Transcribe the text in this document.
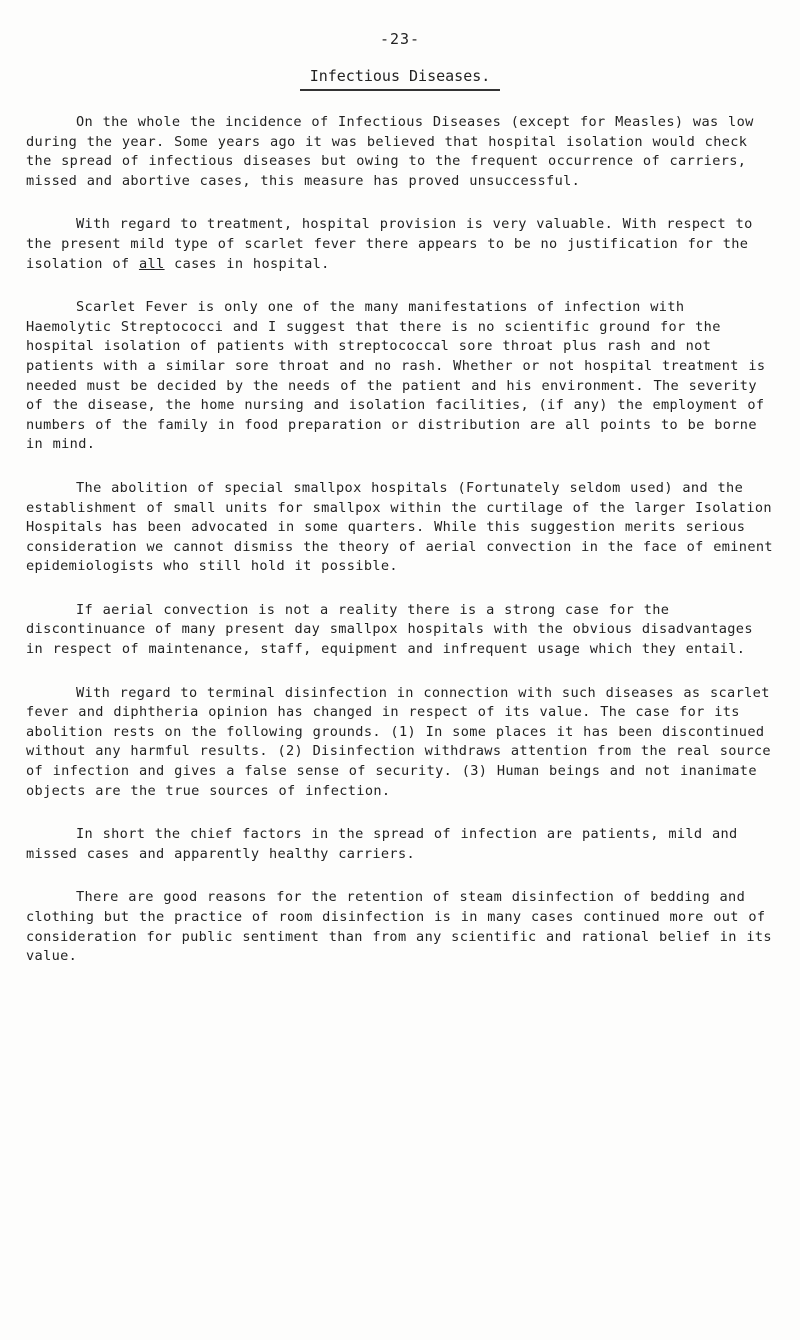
-23-
Infectious Diseases.

On the whole the incidence of Infectious Diseases (except for Measles) was low during the year. Some years ago it was believed that hospital isolation would check the spread of infectious diseases but owing to the frequent occurrence of carriers, missed and abortive cases, this measure has proved unsuccessful.

With regard to treatment, hospital provision is very valuable. With respect to the present mild type of scarlet fever there appears to be no justification for the isolation of all cases in hospital.

Scarlet Fever is only one of the many manifestations of infection with Haemolytic Streptococci and I suggest that there is no scientific ground for the hospital isolation of patients with streptococcal sore throat plus rash and not patients with a similar sore throat and no rash. Whether or not hospital treatment is needed must be decided by the needs of the patient and his environment. The severity of the disease, the home nursing and isolation facilities, (if any) the employment of numbers of the family in food preparation or distribution are all points to be borne in mind.

The abolition of special smallpox hospitals (Fortunately seldom used) and the establishment of small units for smallpox within the curtilage of the larger Isolation Hospitals has been advocated in some quarters. While this suggestion merits serious consideration we cannot dismiss the theory of aerial convection in the face of eminent epidemiologists who still hold it possible.

If aerial convection is not a reality there is a strong case for the discontinuance of many present day smallpox hospitals with the obvious disadvantages in respect of maintenance, staff, equipment and infrequent usage which they entail.

With regard to terminal disinfection in connection with such diseases as scarlet fever and diphtheria opinion has changed in respect of its value. The case for its abolition rests on the following grounds. (1) In some places it has been discontinued without any harmful results. (2) Disinfection withdraws attention from the real source of infection and gives a false sense of security. (3) Human beings and not inanimate objects are the true sources of infection.

In short the chief factors in the spread of infection are patients, mild and missed cases and apparently healthy carriers.

There are good reasons for the retention of steam disinfection of bedding and clothing but the practice of room disinfection is in many cases continued more out of consideration for public sentiment than from any scientific and rational belief in its value.
